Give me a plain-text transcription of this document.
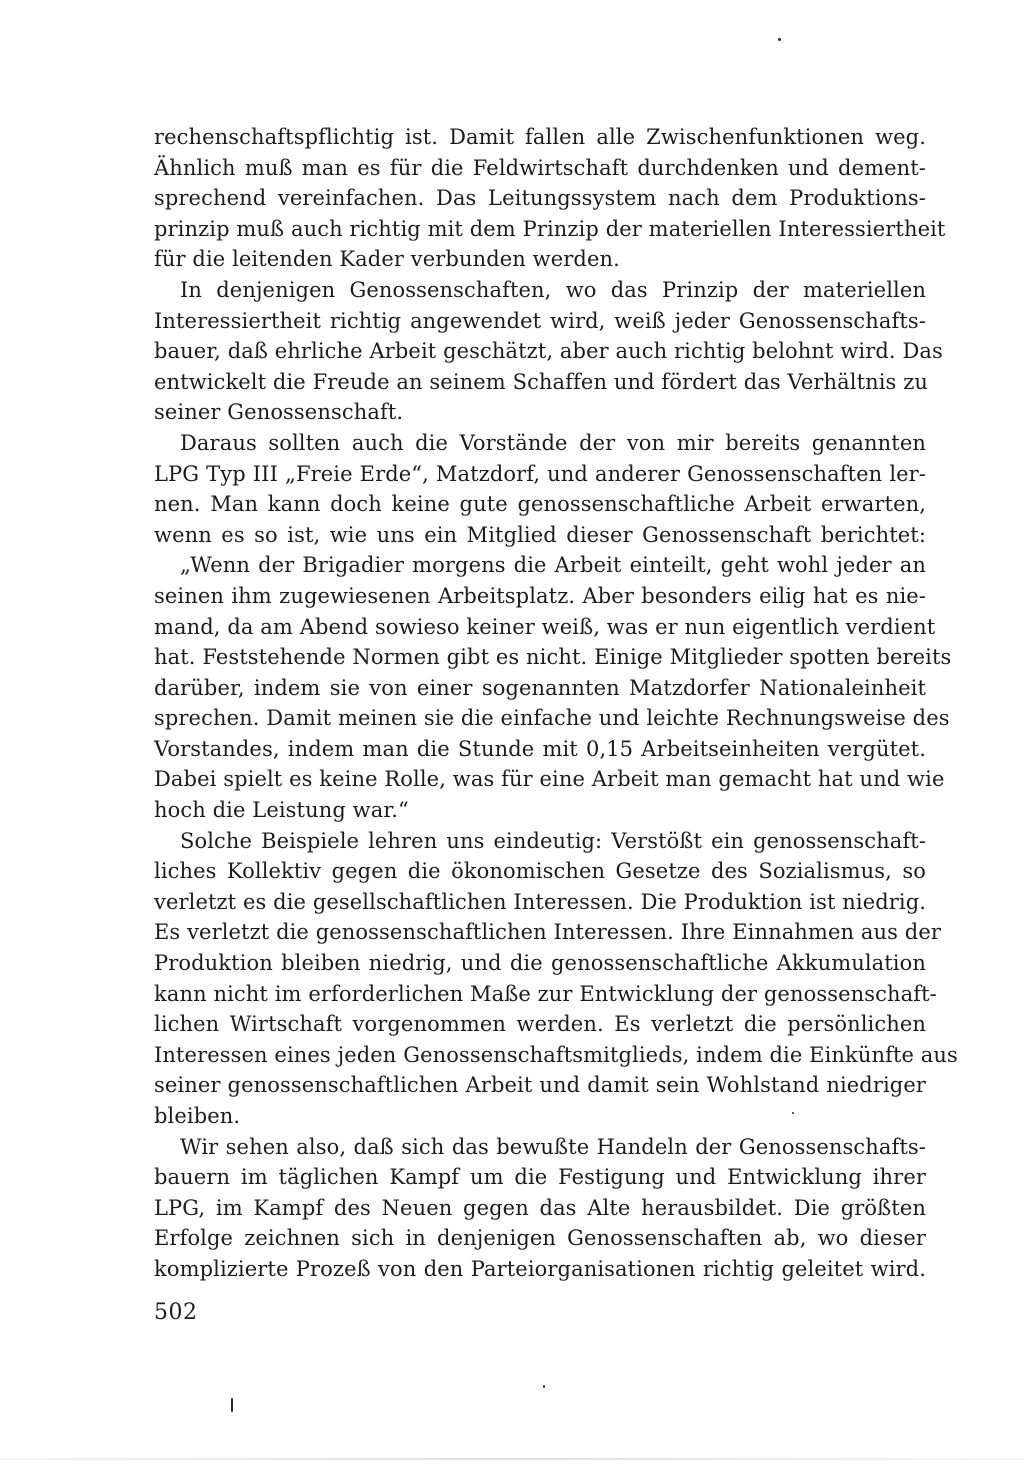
rechenschaftspflichtig ist. Damit fallen alle Zwischenfunktionen weg.
Ähnlich muß man es für die Feldwirtschaft durchdenken und dement-
sprechend vereinfachen. Das Leitungssystem nach dem Produktions-
prinzip muß auch richtig mit dem Prinzip der materiellen Interessiertheit
für die leitenden Kader verbunden werden.
In denjenigen Genossenschaften, wo das Prinzip der materiellen
Interessiertheit richtig angewendet wird, weiß jeder Genossenschafts-
bauer, daß ehrliche Arbeit geschätzt, aber auch richtig belohnt wird. Das
entwickelt die Freude an seinem Schaffen und fördert das Verhältnis zu
seiner Genossenschaft.
Daraus sollten auch die Vorstände der von mir bereits genannten
LPG Typ III „Freie Erde“, Matzdorf, und anderer Genossenschaften ler-
nen. Man kann doch keine gute genossenschaftliche Arbeit erwarten,
wenn es so ist, wie uns ein Mitglied dieser Genossenschaft berichtet:
„Wenn der Brigadier morgens die Arbeit einteilt, geht wohl jeder an
seinen ihm zugewiesenen Arbeitsplatz. Aber besonders eilig hat es nie-
mand, da am Abend sowieso keiner weiß, was er nun eigentlich verdient
hat. Feststehende Normen gibt es nicht. Einige Mitglieder spotten bereits
darüber, indem sie von einer sogenannten Matzdorfer Nationaleinheit
sprechen. Damit meinen sie die einfache und leichte Rechnungsweise des
Vorstandes, indem man die Stunde mit 0,15 Arbeitseinheiten vergütet.
Dabei spielt es keine Rolle, was für eine Arbeit man gemacht hat und wie
hoch die Leistung war.“
Solche Beispiele lehren uns eindeutig: Verstößt ein genossenschaft-
liches Kollektiv gegen die ökonomischen Gesetze des Sozialismus, so
verletzt es die gesellschaftlichen Interessen. Die Produktion ist niedrig.
Es verletzt die genossenschaftlichen Interessen. Ihre Einnahmen aus der
Produktion bleiben niedrig, und die genossenschaftliche Akkumulation
kann nicht im erforderlichen Maße zur Entwicklung der genossenschaft-
lichen Wirtschaft vorgenommen werden. Es verletzt die persönlichen
Interessen eines jeden Genossenschaftsmitglieds, indem die Einkünfte aus
seiner genossenschaftlichen Arbeit und damit sein Wohlstand niedriger
bleiben.
Wir sehen also, daß sich das bewußte Handeln der Genossenschafts-
bauern im täglichen Kampf um die Festigung und Entwicklung ihrer
LPG, im Kampf des Neuen gegen das Alte herausbildet. Die größten
Erfolge zeichnen sich in denjenigen Genossenschaften ab, wo dieser
komplizierte Prozeß von den Parteiorganisationen richtig geleitet wird.
502
